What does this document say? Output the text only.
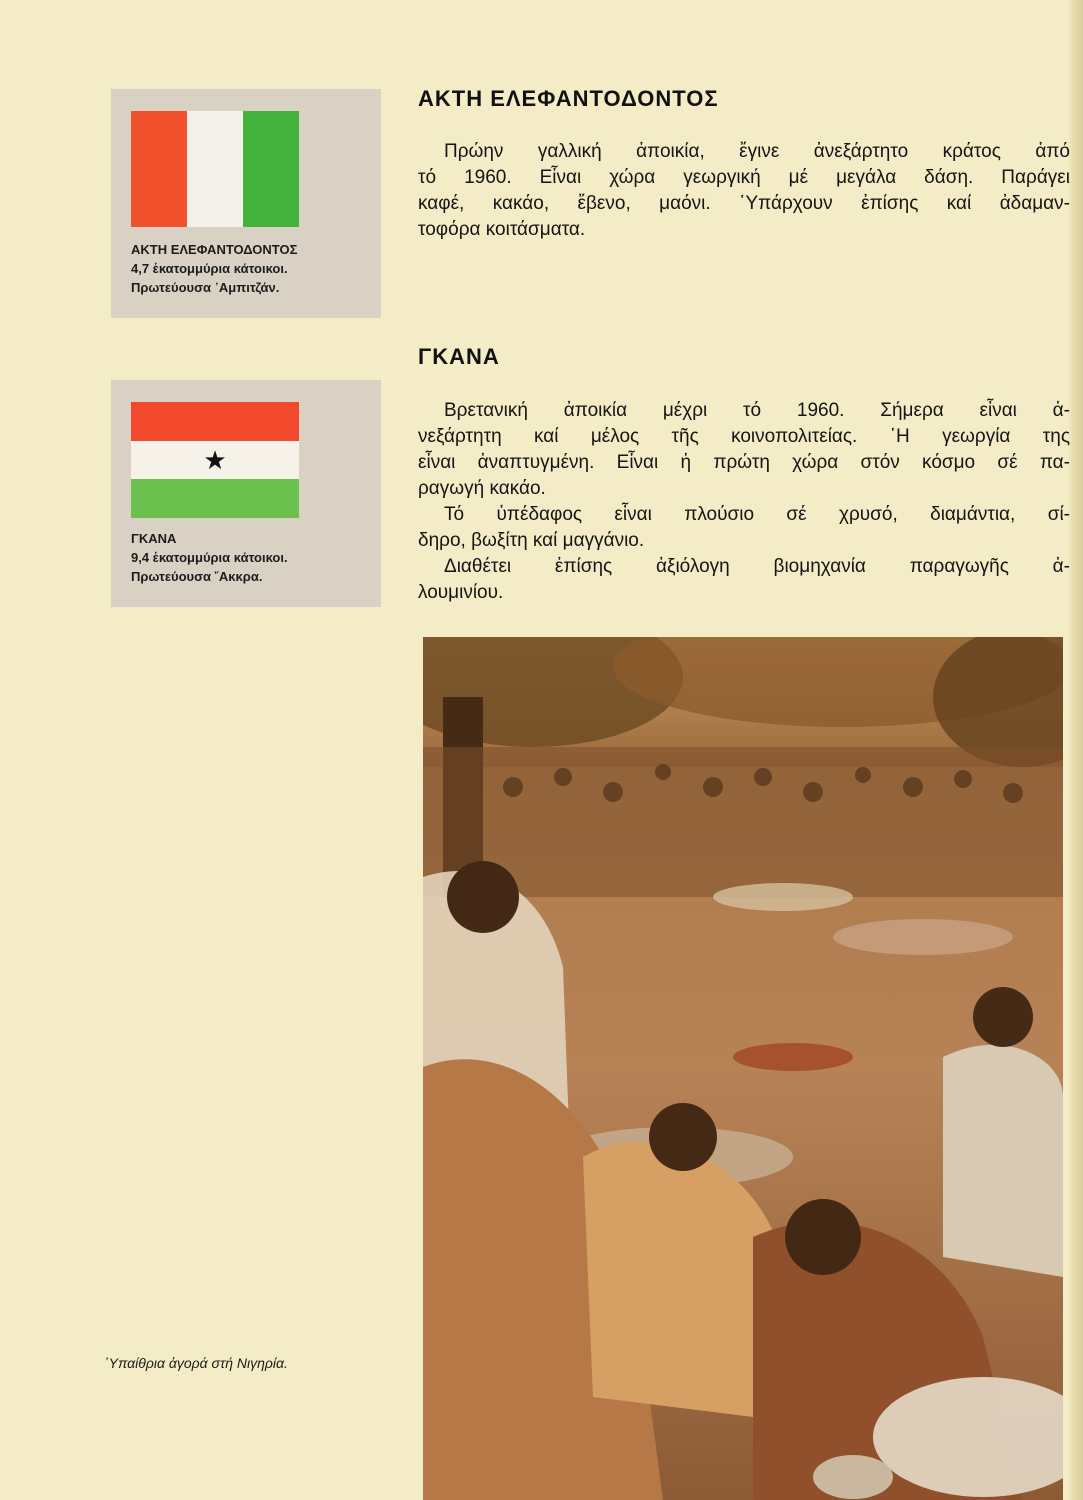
ΑΚΤΗ ΕΛΕΦΑΝΤΟΔΟΝΤΟΣ
4,7 ἑκατομμύρια κάτοικοι.
Πρωτεύουσα ᾿Αμπιτζάν.
★
ΓΚΑΝΑ
9,4 ἑκατομμύρια κάτοικοι.
Πρωτεύουσα ῎Ακκρα.
ΑΚΤΗ ΕΛΕΦΑΝΤΟΔΟΝΤΟΣ

Πρώην γαλλική ἀποικία, ἔγινε ἀνεξάρτητο κράτος ἀπό

τό 1960. Εἶναι χώρα γεωργική μέ μεγάλα δάση. Παράγει

καφέ, κακάο, ἔβενο, μαόνι. ῾Υπάρχουν ἐπίσης καί ἀδαμαν-

τοφόρα κοιτάσματα.

ΓΚΑΝΑ

Βρετανική ἀποικία μέχρι τό 1960. Σήμερα εἶναι ἀ-

νεξάρτητη καί μέλος τῆς κοινοπολιτείας. ῾Η γεωργία της

εἶναι ἀναπτυγμένη. Εἶναι ἡ πρώτη χώρα στόν κόσμο σέ πα-

ραγωγή κακάο.

Τό ὑπέδαφος εἶναι πλούσιο σέ χρυσό, διαμάντια, σί-

δηρο, βωξίτη καί μαγγάνιο.

Διαθέτει ἐπίσης ἀξιόλογη βιομηχανία παραγωγῆς ἀ-

λουμινίου.

῾Υπαίθρια ἀγορά στή Νιγηρία.
